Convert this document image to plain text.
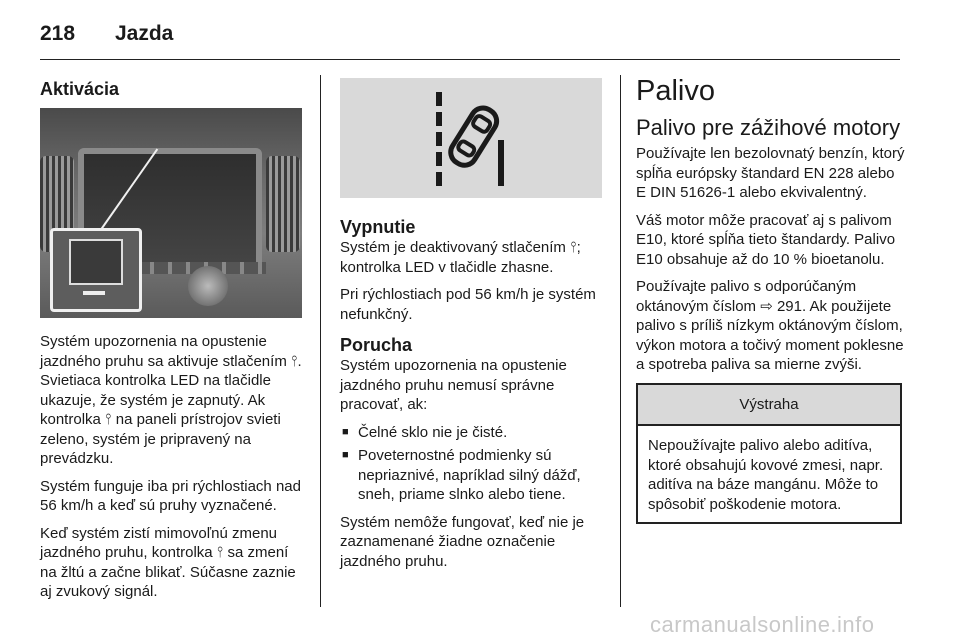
218 Jazda
Aktivácia

Systém upozornenia na opustenie jazdného pruhu sa aktivuje stlačením ⫯. Svietiaca kontrolka LED na tlačidle ukazuje, že systém je zapnutý. Ak kontrolka ⫯ na paneli prístrojov svieti zeleno, systém je pripravený na prevádzku.

Systém funguje iba pri rýchlostiach nad 56 km/h a keď sú pruhy vyznačené.

Keď systém zistí mimovoľnú zmenu jazdného pruhu, kontrolka ⫯ sa zmení na žltú a začne blikať. Súčasne zaznie aj zvukový signál.

Vypnutie

Systém je deaktivovaný stlačením ⫯; kontrolka LED v tlačidle zhasne.

Pri rýchlostiach pod 56 km/h je systém nefunkčný.

Porucha

Systém upozornenia na opustenie jazdného pruhu nemusí správne pracovať, ak:

■ Čelné sklo nie je čisté.
■ Poveternostné podmienky sú nepriaznivé, napríklad silný dážď, sneh, priame slnko alebo tiene.

Systém nemôže fungovať, keď nie je zaznamenané žiadne označenie jazdného pruhu.

Palivo
Palivo pre zážihové motory

Používajte len bezolovnatý benzín, ktorý spĺňa európsky štandard EN 228 alebo E DIN 51626-1 alebo ekvivalentný.

Váš motor môže pracovať aj s palivom E10, ktoré spĺňa tieto štandardy. Palivo E10 obsahuje až do 10 % bioetanolu.

Používajte palivo s odporúčaným oktánovým číslom ⇨ 291. Ak použijete palivo s príliš nízkym oktánovým číslom, výkon motora a točivý moment poklesne a spotreba paliva sa mierne zvýši.

Výstraha
Nepoužívajte palivo alebo aditíva, ktoré obsahujú kovové zmesi, napr. aditíva na báze mangánu. Môže to spôsobiť poškodenie motora.
carmanualsonline.info
